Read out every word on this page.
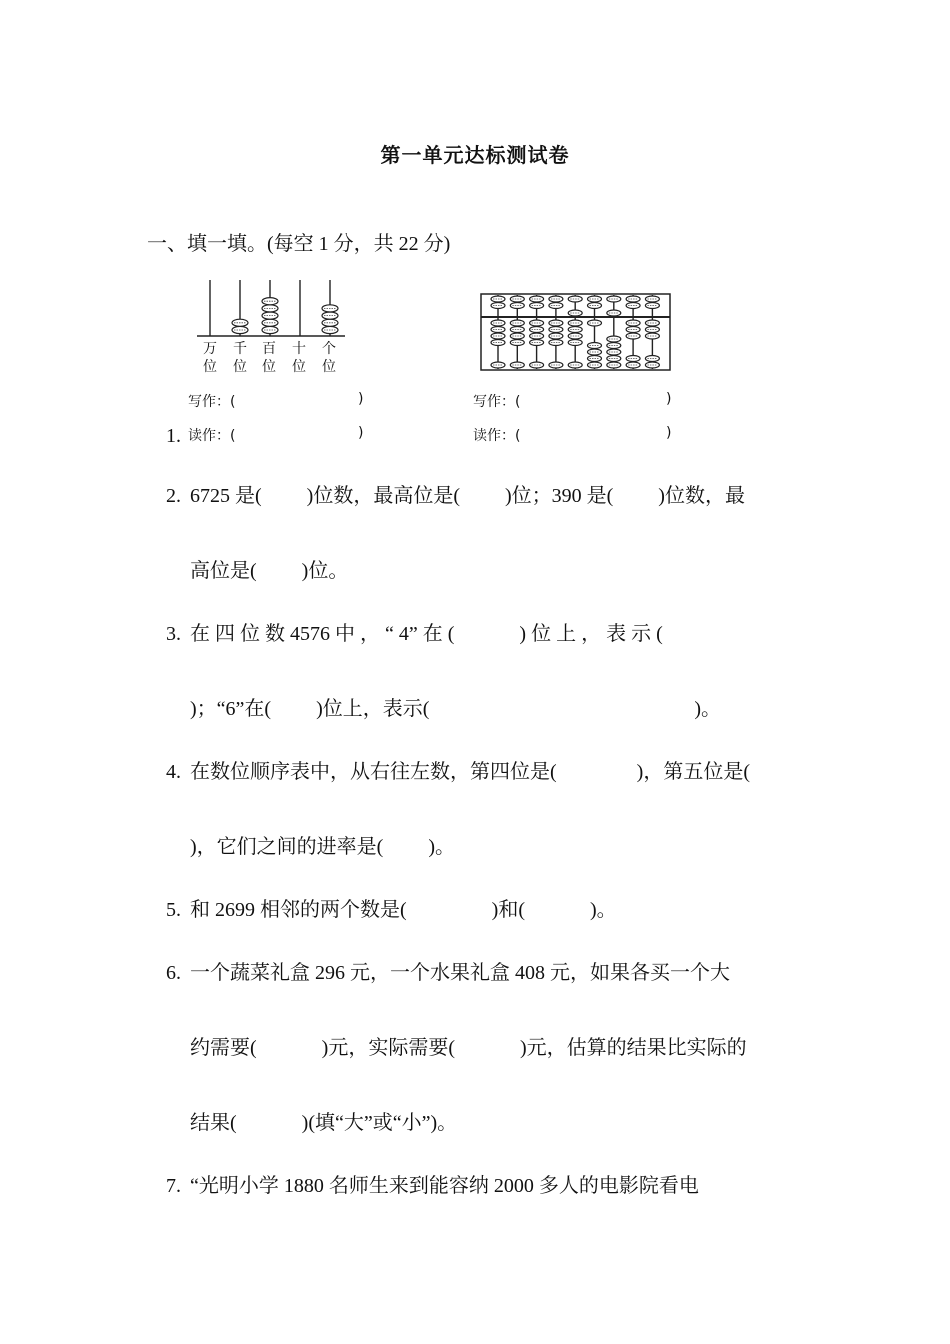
第一单元达标测试卷
一、填一填。(每空 1 分，共 22 分)
万
位
千
位
百
位
十
位
个
位
写作：(	)	写作：(	)
1. 读作：(	)	读作：(	)
2. 6725 是(　　 )位数，最高位是(　　 )位；390 是(　　 )位数，最
高位是(　　 )位。
3. 在 四 位 数 4576 中 ， “ 4” 在 (　　　 ) 位 上 ， 表 示 (
)；“6”在(　　 )位上，表示(　　　　　　　　　　　　　 )。
4. 在数位顺序表中，从右往左数，第四位是(　　　　)，第五位是(
)，它们之间的进率是(　　 )。
5. 和 2699 相邻的两个数是(　　　　 )和(　　　 )。
6. 一个蔬菜礼盒 296 元，一个水果礼盒 408 元，如果各买一个大
约需要(　　　 )元，实际需要(　　　 )元，估算的结果比实际的
结果(　　　 )(填“大”或“小”)。
7. “光明小学 1880 名师生来到能容纳 2000 多人的电影院看电
